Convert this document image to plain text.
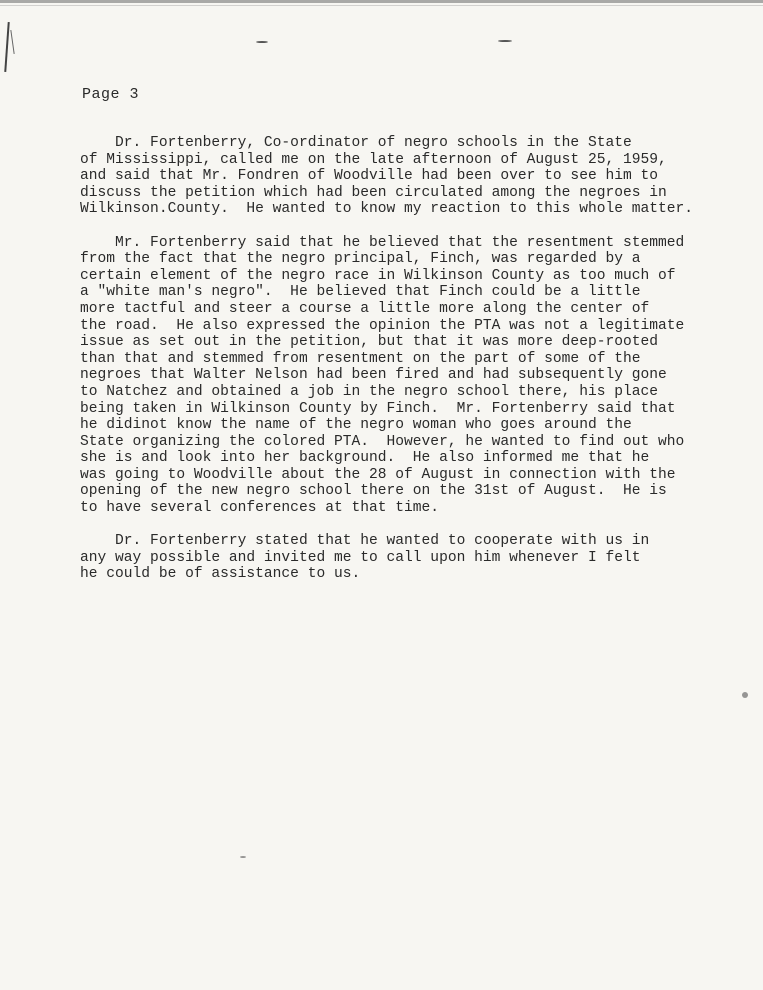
Page 3
Dr. Fortenberry, Co-ordinator of negro schools in the State
of Mississippi, called me on the late afternoon of August 25, 1959,
and said that Mr. Fondren of Woodville had been over to see him to
discuss the petition which had been circulated among the negroes in
Wilkinson.County.  He wanted to know my reaction to this whole matter.
Mr. Fortenberry said that he believed that the resentment stemmed
from the fact that the negro principal, Finch, was regarded by a
certain element of the negro race in Wilkinson County as too much of
a "white man's negro".  He believed that Finch could be a little
more tactful and steer a course a little more along the center of
the road.  He also expressed the opinion the PTA was not a legitimate
issue as set out in the petition, but that it was more deep-rooted
than that and stemmed from resentment on the part of some of the
negroes that Walter Nelson had been fired and had subsequently gone
to Natchez and obtained a job in the negro school there, his place
being taken in Wilkinson County by Finch.  Mr. Fortenberry said that
he didinot know the name of the negro woman who goes around the
State organizing the colored PTA.  However, he wanted to find out who
she is and look into her background.  He also informed me that he
was going to Woodville about the 28 of August in connection with the
opening of the new negro school there on the 31st of August.  He is
to have several conferences at that time.
Dr. Fortenberry stated that he wanted to cooperate with us in
any way possible and invited me to call upon him whenever I felt
he could be of assistance to us.
